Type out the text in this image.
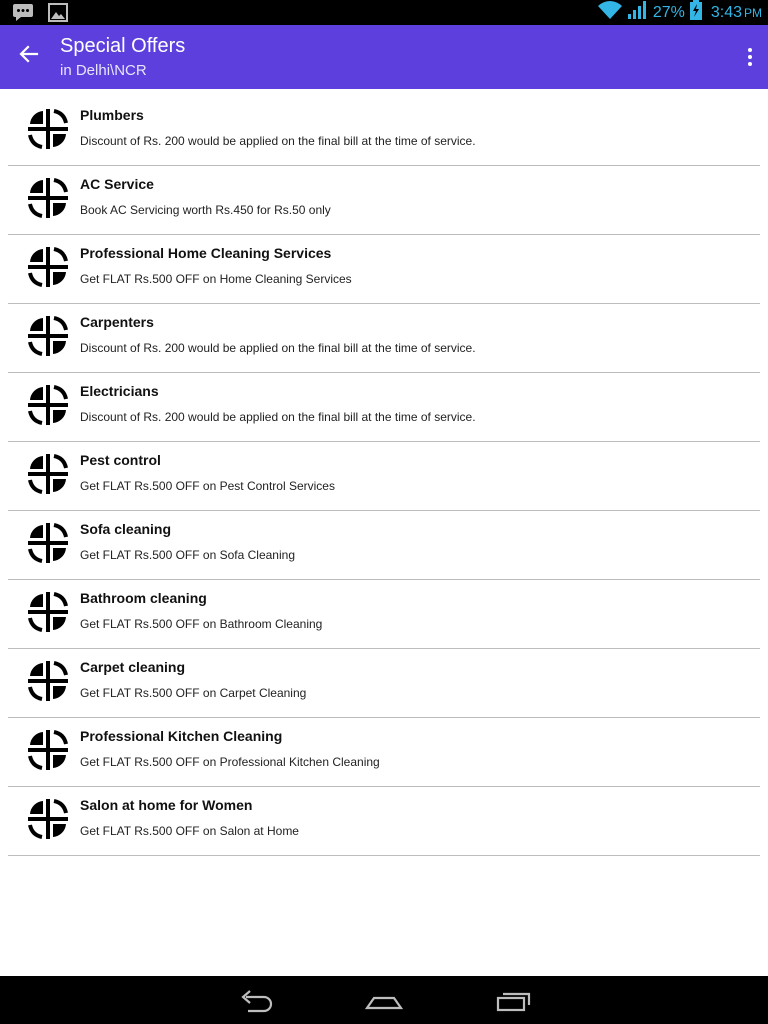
27% 3:43 PM
Special Offers
in Delhi\NCR
Plumbers
Discount of Rs. 200 would be applied on the final bill at the time of service.
AC Service
Book AC Servicing worth Rs.450 for Rs.50 only
Professional Home Cleaning Services
Get FLAT Rs.500 OFF on Home Cleaning Services
Carpenters
Discount of Rs. 200 would be applied on the final bill at the time of service.
Electricians
Discount of Rs. 200 would be applied on the final bill at the time of service.
Pest control
Get FLAT Rs.500 OFF on Pest Control Services
Sofa cleaning
Get FLAT Rs.500 OFF on Sofa Cleaning
Bathroom cleaning
Get FLAT Rs.500 OFF on Bathroom Cleaning
Carpet cleaning
Get FLAT Rs.500 OFF on Carpet Cleaning
Professional Kitchen Cleaning
Get FLAT Rs.500 OFF on Professional Kitchen Cleaning
Salon at home for Women
Get FLAT Rs.500 OFF on Salon at Home
